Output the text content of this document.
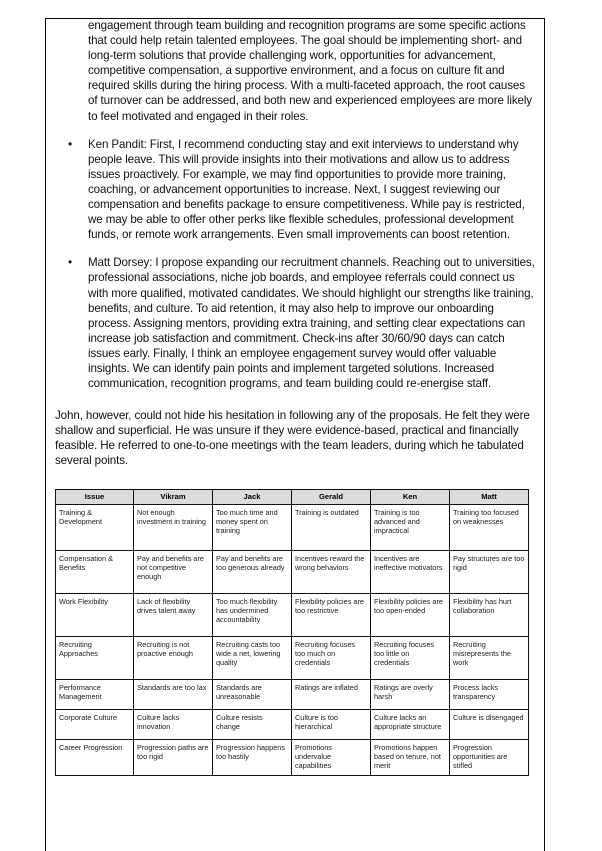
engagement through team building and recognition programs are some specific actions that could help retain talented employees. The goal should be implementing short- and long-term solutions that provide challenging work, opportunities for advancement, competitive compensation, a supportive environment, and a focus on culture fit and required skills during the hiring process. With a multi-faceted approach, the root causes of turnover can be addressed, and both new and experienced employees are more likely to feel motivated and engaged in their roles.

•	Ken Pandit: First, I recommend conducting stay and exit interviews to understand why people leave. This will provide insights into their motivations and allow us to address issues proactively. For example, we may find opportunities to provide more training, coaching, or advancement opportunities to increase. Next, I suggest reviewing our compensation and benefits package to ensure competitiveness. While pay is restricted, we may be able to offer other perks like flexible schedules, professional development funds, or remote work arrangements. Even small improvements can boost retention.
•	Matt Dorsey: I propose expanding our recruitment channels. Reaching out to universities, professional associations, niche job boards, and employee referrals could connect us with more qualified, motivated candidates. We should highlight our strengths like training, benefits, and culture. To aid retention, it may also help to improve our onboarding process. Assigning mentors, providing extra training, and setting clear expectations can increase job satisfaction and commitment. Check-ins after 30/60/90 days can catch issues early. Finally, I think an employee engagement survey would offer valuable insights. We can identify pain points and implement targeted solutions. Increased communication, recognition programs, and team building could re-energise staff.

John, however, could not hide his hesitation in following any of the proposals. He felt they were shallow and superficial. He was unsure if they were evidence-based, practical and financially feasible. He referred to one-to-one meetings with the team leaders, during which he tabulated several points.

Issue	Vikram	Jack	Gerald	Ken	Matt
Training & Development	Not enough investment in training	Too much time and money spent on training	Training is outdated	Training is too advanced and impractical	Training too focused on weaknesses
Compensation & Benefits	Pay and benefits are not competitive enough	Pay and benefits are too generous already	Incentives reward the wrong behaviors	Incentives are ineffective motivators	Pay structures are too rigid
Work Flexibility	Lack of flexibility drives talent away	Too much flexibility has undermined accountability	Flexibility policies are too restrictive	Flexibility policies are too open-ended	Flexibility has hurt collaboration
Recruiting Approaches	Recruiting is not proactive enough	Recruiting casts too wide a net, lowering quality	Recruiting focuses too much on credentials	Recruiting focuses too little on credentials	Recruiting misrepresents the work
Performance Management	Standards are too lax	Standards are unreasonable	Ratings are inflated	Ratings are overly harsh	Process lacks transparency
Corporate Culture	Culture lacks innovation	Culture resists change	Culture is too hierarchical	Culture lacks an appropriate structure	Culture is disengaged
Career Progression	Progression paths are too rigid	Progression happens too hastily	Promotions undervalue capabilities	Promotions happen based on tenure, not merit	Progression opportunities are stifled
